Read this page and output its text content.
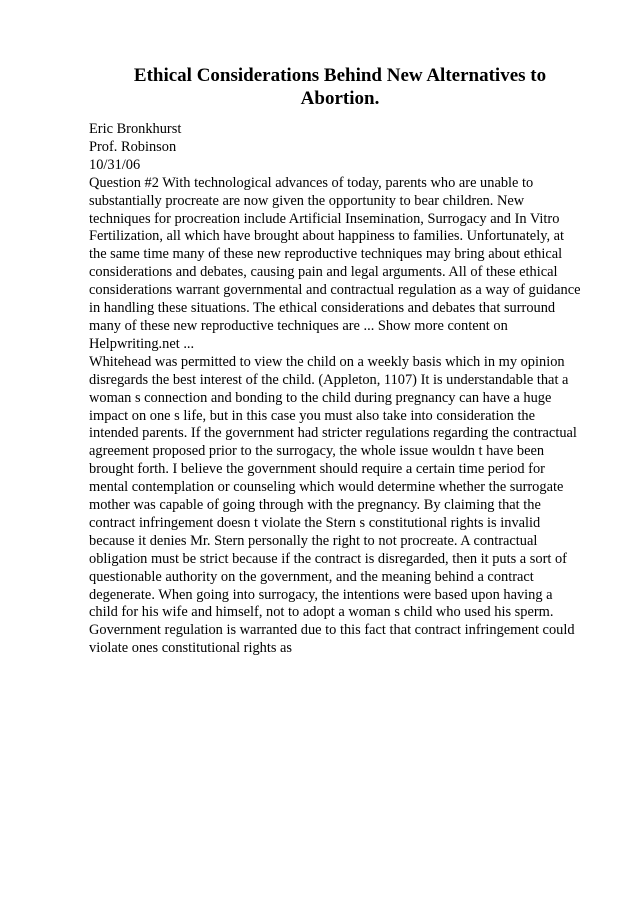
Ethical Considerations Behind New Alternatives to
Abortion.
Eric Bronkhurst
Prof. Robinson
10/31/06
Question #2 With technological advances of today, parents who are unable to
substantially procreate are now given the opportunity to bear children. New
techniques for procreation include Artificial Insemination, Surrogacy and In Vitro
Fertilization, all which have brought about happiness to families. Unfortunately, at
the same time many of these new reproductive techniques may bring about ethical
considerations and debates, causing pain and legal arguments. All of these ethical
considerations warrant governmental and contractual regulation as a way of guidance
in handling these situations. The ethical considerations and debates that surround
many of these new reproductive techniques are ... Show more content on
Helpwriting.net ...
Whitehead was permitted to view the child on a weekly basis which in my opinion
disregards the best interest of the child. (Appleton, 1107) It is understandable that a
woman s connection and bonding to the child during pregnancy can have a huge
impact on one s life, but in this case you must also take into consideration the
intended parents. If the government had stricter regulations regarding the contractual
agreement proposed prior to the surrogacy, the whole issue wouldn t have been
brought forth. I believe the government should require a certain time period for
mental contemplation or counseling which would determine whether the surrogate
mother was capable of going through with the pregnancy. By claiming that the
contract infringement doesn t violate the Stern s constitutional rights is invalid
because it denies Mr. Stern personally the right to not procreate. A contractual
obligation must be strict because if the contract is disregarded, then it puts a sort of
questionable authority on the government, and the meaning behind a contract
degenerate. When going into surrogacy, the intentions were based upon having a
child for his wife and himself, not to adopt a woman s child who used his sperm.
Government regulation is warranted due to this fact that contract infringement could
violate ones constitutional rights as
